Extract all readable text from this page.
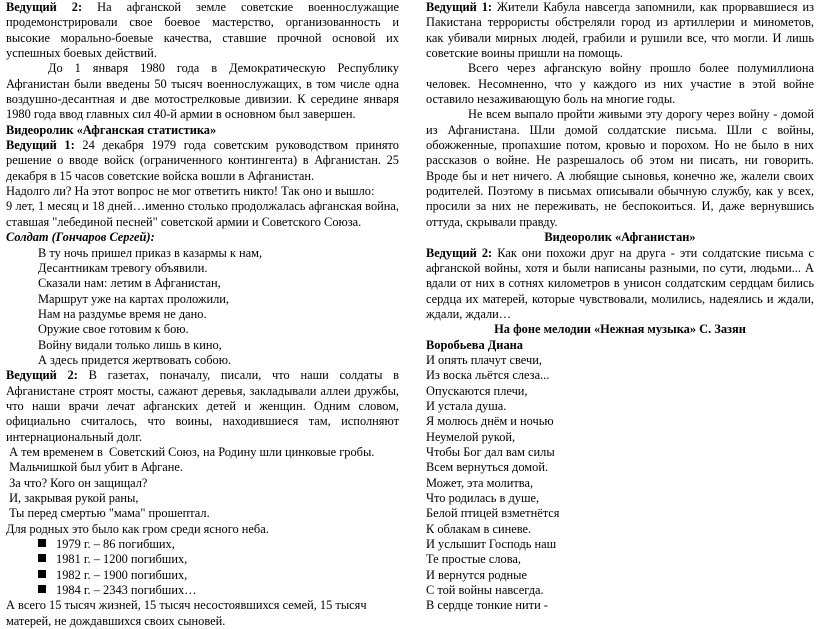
Ведущий 2: На афганской земле советские военнослужащие продемонстрировали свое боевое мастерство, организованность и высокие морально-боевые качества, ставшие прочной основой их успешных боевых действий.

До 1 января 1980 года в Демократическую Республику Афганистан были введены 50 тысяч военнослужащих, в том числе одна воздушно-десантная и две мотострелковые дивизии. К середине января 1980 года ввод главных сил 40-й армии в основном был завершен.

Видеоролик «Афганская статистика»

Ведущий 1: 24 декабря 1979 года советским руководством принято решение о вводе войск (ограниченного контингента) в Афганистан. 25 декабря в 15 часов советские войска вошли в Афганистан.

Надолго ли? На этот вопрос не мог ответить никто! Так оно и вышло:

9 лет, 1 месяц и 18 дней…именно столько продолжалась афганская война, ставшая "лебединой песней" советской армии и Советского Союза.

Солдат (Гончаров Сергей):

В ту ночь пришел приказ в казармы к нам,
Десантникам тревогу объявили.
Сказали нам: летим в Афганистан,
Маршрут уже на картах проложили,
Нам на раздумье время не дано.
Оружие свое готовим к бою.
Войну видали только лишь в кино,
А здесь придется жертвовать собою.

Ведущий 2: В газетах, поначалу, писали, что наши солдаты в Афганистане строят мосты, сажают деревья, закладывали аллеи дружбы, что наши врачи лечат афганских детей и женщин. Одним словом, официально считалось, что воины, находившиеся там, исполняют интернациональный долг.

А тем временем в  Советский Союз, на Родину шли цинковые гробы.
Мальчишкой был убит в Афгане.
За что? Кого он защищал?
И, закрывая рукой раны,
Ты перед смертью "мама" прошептал.

Для родных это было как гром среди ясного неба.

1979 г. – 86 погибших,
1981 г. – 1200 погибших,
1982 г. – 1900 погибших,
1984 г. – 2343 погибших…

А всего 15 тысяч жизней, 15 тысяч несостоявшихся семей, 15 тысяч матерей, не дождавшихся своих сыновей.

Ведущий 1: Жители Кабула навсегда запомнили, как прорвавшиеся из Пакистана террористы обстреляли город из артиллерии и минометов, как убивали мирных людей, грабили и рушили все, что могли. И лишь советские воины пришли на помощь.

Всего через афганскую войну прошло более полумиллиона человек. Несомненно, что у каждого из них участие в этой войне оставило незаживающую боль на многие годы.

Не всем выпало пройти живыми эту дорогу через войну - домой из Афганистана. Шли домой солдатские письма. Шли с войны, обожженные, пропахшие потом, кровью и порохом. Но не было в них рассказов о войне. Не разрешалось об этом ни писать, ни говорить. Вроде бы и нет ничего. А любящие сыновья, конечно же, жалели своих родителей. Поэтому в письмах описывали обычную службу, как у всех, просили за них не переживать, не беспокоиться. И, даже вернувшись оттуда, скрывали правду.

Видеоролик «Афганистан»

Ведущий 2: Как они похожи друг на друга - эти солдатские письма с афганской войны, хотя и были написаны разными, по сути, людьми... А вдали от них в сотнях километров в унисон солдатским сердцам бились сердца их матерей, которые чувствовали, молились, надеялись и ждали, ждали, ждали…

На фоне мелодии «Нежная музыка» С. Зазян

Воробьева Диана

И опять плачут свечи,
Из воска льётся слеза...
Опускаются плечи,
И устала душа.
Я молюсь днём и ночью
Неумелой рукой,
Чтобы Бог дал вам силы
Всем вернуться домой.
Может, эта молитва,
Что родилась в душе,
Белой птицей взметнётся
К облакам в синеве.
И услышит Господь наш
Те простые слова,
И вернутся родные
С той войны навсегда.
В сердце тонкие нити -
